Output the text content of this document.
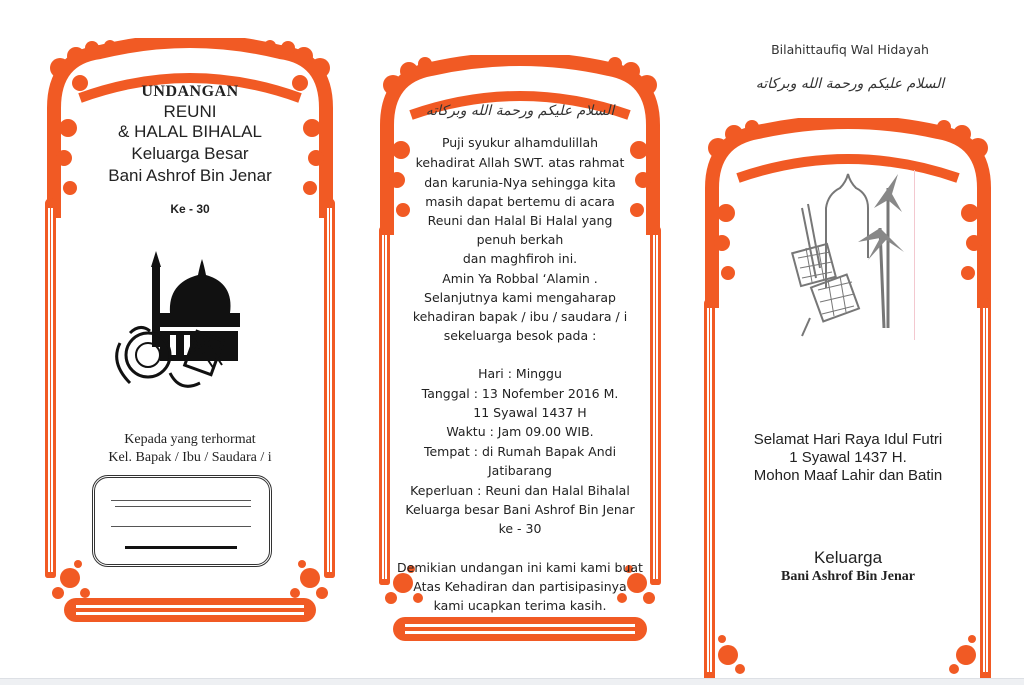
UNDANGAN
REUNI
& HALAL BIHALAL
Keluarga Besar
Bani Ashrof Bin Jenar
Ke - 30
Kepada yang terhormat
Kel. Bapak / Ibu / Saudara / i
السلام عليكم ورحمة الله وبركاته
Puji syukur alhamdulillah
kehadirat Allah SWT. atas rahmat
dan karunia-Nya sehingga kita
masih dapat bertemu di acara
Reuni dan Halal Bi Halal yang
penuh berkah
dan maghfiroh ini.
Amin Ya Robbal ‘Alamin .
Selanjutnya kami mengaharap
kehadiran bapak / ibu / saudara / i
sekeluarga besok pada :
Hari : Minggu
Tanggal : 13 Nofember 2016 M.
11 Syawal 1437 H
Waktu : Jam 09.00 WIB.
Tempat : di Rumah Bapak Andi
Jatibarang
Keperluan : Reuni dan Halal Bihalal
Keluarga besar Bani Ashrof Bin Jenar
ke - 30
Demikian undangan ini kami kami buat
Atas Kehadiran dan partisipasinya
kami ucapkan terima kasih.
Bilahittaufiq Wal Hidayah
السلام عليكم ورحمة الله وبركاته
Selamat Hari Raya Idul Futri
1 Syawal 1437 H.
Mohon Maaf Lahir dan Batin
Keluarga
Bani Ashrof Bin Jenar
